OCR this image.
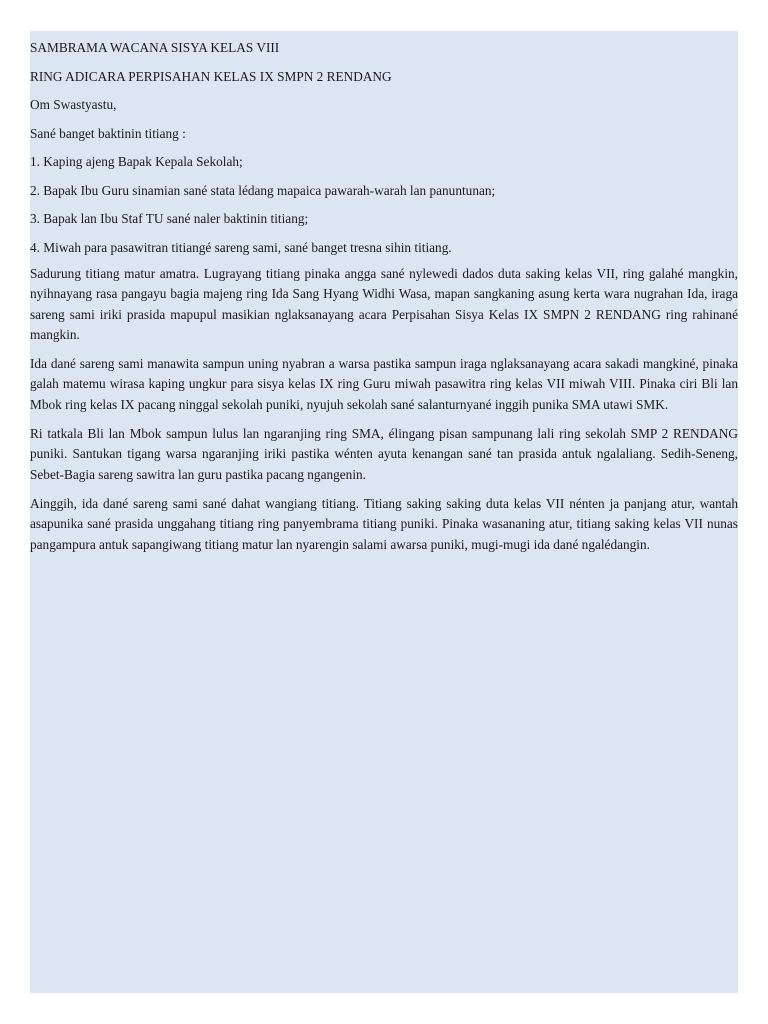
SAMBRAMA WACANA SISYA KELAS VIII

RING ADICARA PERPISAHAN KELAS IX SMPN 2 RENDANG

Om Swastyastu,

Sané banget baktinin titiang :

1. Kaping ajeng Bapak Kepala Sekolah;

2. Bapak Ibu Guru sinamian sané stata lédang mapaica pawarah-warah lan panuntunan;

3. Bapak lan Ibu Staf TU sané naler baktinin titiang;

4. Miwah para pasawitran titiangé sareng sami, sané banget tresna sihin titiang.

Sadurung titiang matur amatra. Lugrayang titiang pinaka angga sané nylewedi dados duta saking kelas VII, ring galahé mangkin, nyihnayang rasa pangayu bagia majeng ring Ida Sang Hyang Widhi Wasa, mapan sangkaning asung kerta wara nugrahan Ida, iraga sareng sami iriki prasida mapupul masikian nglaksanayang acara Perpisahan Sisya Kelas IX SMPN 2 RENDANG ring rahinané mangkin.

Ida dané sareng sami manawita sampun uning nyabran a warsa pastika sampun iraga nglaksanayang acara sakadi mangkiné, pinaka galah matemu wirasa kaping ungkur para sisya kelas IX ring Guru miwah pasawitra ring kelas VII miwah VIII. Pinaka ciri Bli lan Mbok ring kelas IX pacang ninggal sekolah puniki, nyujuh sekolah sané salanturnyané inggih punika SMA utawi SMK.

Ri tatkala Bli lan Mbok sampun lulus lan ngaranjing ring SMA, élingang pisan sampunang lali ring sekolah SMP 2 RENDANG puniki. Santukan tigang warsa ngaranjing iriki pastika wénten ayuta kenangan sané tan prasida antuk ngalaliang. Sedih-Seneng, Sebet-Bagia sareng sawitra lan guru pastika pacang ngangenin.

Ainggih, ida dané sareng sami sané dahat wangiang titiang. Titiang saking saking duta kelas VII nénten ja panjang atur, wantah asapunika sané prasida unggahang titiang ring panyembrama titiang puniki. Pinaka wasananing atur, titiang saking kelas VII nunas pangampura antuk sapangiwang titiang matur lan nyarengin salami awarsa puniki, mugi-mugi ida dané ngalédangin.
